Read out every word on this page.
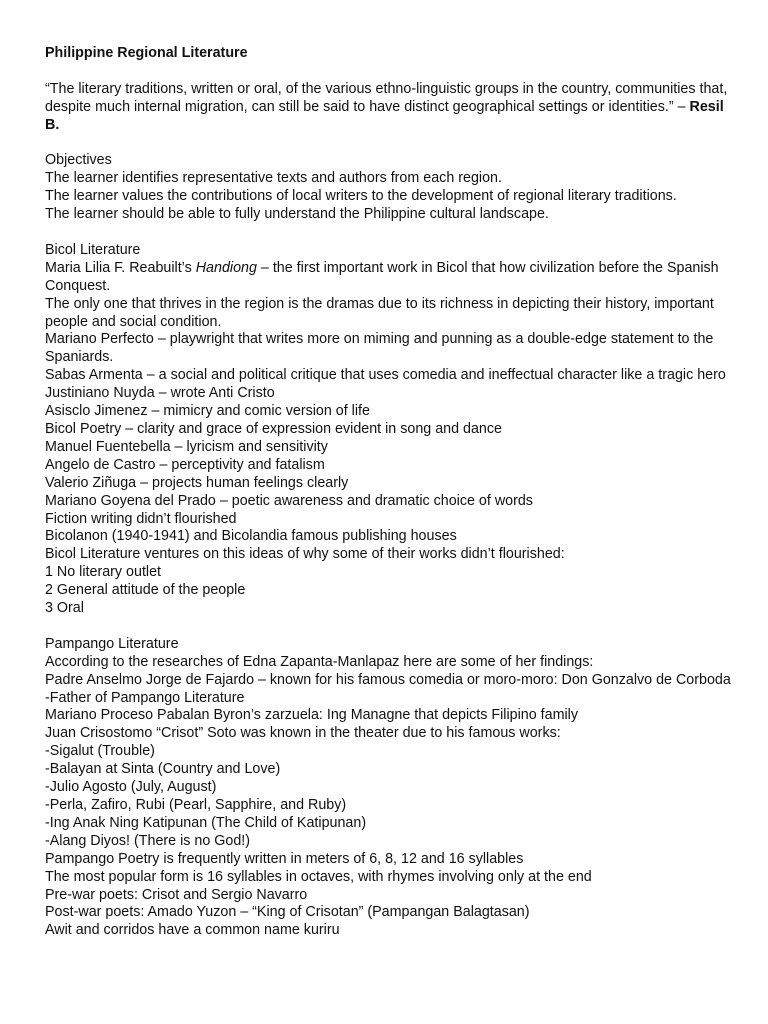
Philippine Regional Literature

“The literary traditions, written or oral, of the various ethno-linguistic groups in the country, communities that, despite much internal migration, can still be said to have distinct geographical settings or identities.” – Resil B.

Objectives
The learner identifies representative texts and authors from each region.
The learner values the contributions of local writers to the development of regional literary traditions.
The learner should be able to fully understand the Philippine cultural landscape.
Bicol Literature
Maria Lilia F. Reabuilt’s Handiong – the first important work in Bicol that how civilization before the Spanish Conquest.
The only one that thrives in the region is the dramas due to its richness in depicting their history, important people and social condition.
Mariano Perfecto – playwright that writes more on miming and punning as a double-edge statement to the Spaniards.
Sabas Armenta – a social and political critique that uses comedia and ineffectual character like a tragic hero
Justiniano Nuyda – wrote Anti Cristo
Asisclo Jimenez – mimicry and comic version of life
Bicol Poetry – clarity and grace of expression evident in song and dance
Manuel Fuentebella – lyricism and sensitivity
Angelo de Castro – perceptivity and fatalism
Valerio Ziñuga – projects human feelings clearly
Mariano Goyena del Prado – poetic awareness and dramatic choice of words
Fiction writing didn’t flourished
Bicolanon (1940-1941) and Bicolandia famous publishing houses
Bicol Literature ventures on this ideas of why some of their works didn’t flourished:
1 No literary outlet
2 General attitude of the people
3 Oral
Pampango Literature
According to the researches of Edna Zapanta-Manlapaz here are some of her findings:
Padre Anselmo Jorge de Fajardo – known for his famous comedia or moro-moro: Don Gonzalvo de Corboda
-Father of Pampango Literature
Mariano Proceso Pabalan Byron’s zarzuela: Ing Managne that depicts Filipino family
Juan Crisostomo “Crisot” Soto was known in the theater due to his famous works:
-Sigalut (Trouble)
-Balayan at Sinta (Country and Love)
-Julio Agosto (July, August)
-Perla, Zafiro, Rubi (Pearl, Sapphire, and Ruby)
-Ing Anak Ning Katipunan (The Child of Katipunan)
-Alang Diyos! (There is no God!)
Pampango Poetry is frequently written in meters of 6, 8, 12 and 16 syllables
The most popular form is 16 syllables in octaves, with rhymes involving only at the end
Pre-war poets: Crisot and Sergio Navarro
Post-war poets: Amado Yuzon – “King of Crisotan” (Pampangan Balagtasan)
Awit and corridos have a common name kuriru
